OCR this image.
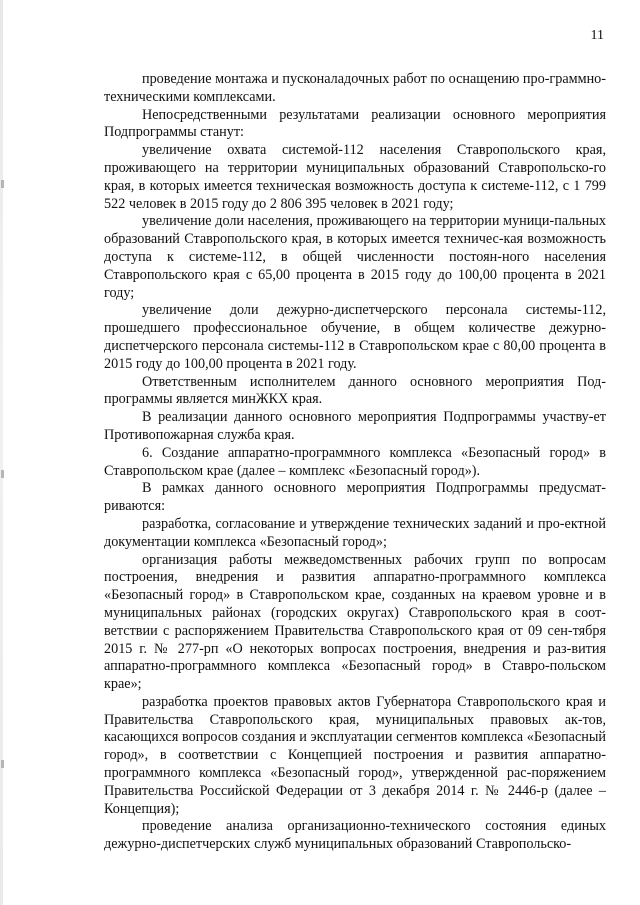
11

проведение монтажа и пусконаладочных работ по оснащению про-граммно-техническими комплексами.

Непосредственными результатами реализации основного мероприятия Подпрограммы станут:

увеличение охвата системой-112 населения Ставропольского края, проживающего на территории муниципальных образований Ставропольско-го края, в которых имеется техническая возможность доступа к системе-112, с 1 799 522 человек в 2015 году до 2 806 395 человек в 2021 году;

увеличение доли населения, проживающего на территории муници-пальных образований Ставропольского края, в которых имеется техничес-кая возможность доступа к системе-112, в общей численности постоян-ного населения Ставропольского края с 65,00 процента в 2015 году до 100,00 процента в 2021 году;

увеличение доли дежурно-диспетчерского персонала системы-112, прошедшего профессиональное обучение, в общем количестве дежурно-диспетчерского персонала системы-112 в Ставропольском крае с 80,00 процента в 2015 году до 100,00 процента в 2021 году.

Ответственным исполнителем данного основного мероприятия Под-программы является минЖКХ края.

В реализации данного основного мероприятия Подпрограммы участву-ет Противопожарная служба края.

6. Создание аппаратно-программного комплекса «Безопасный город» в Ставропольском крае (далее – комплекс «Безопасный город»).

В рамках данного основного мероприятия Подпрограммы предусмат-риваются:

разработка, согласование и утверждение технических заданий и про-ектной документации комплекса «Безопасный город»;

организация работы межведомственных рабочих групп по вопросам построения, внедрения и развития аппаратно-программного комплекса «Безопасный город» в Ставропольском крае, созданных на краевом уровне и в муниципальных районах (городских округах) Ставропольского края в соот-ветствии с распоряжением Правительства Ставропольского края от 09 сен-тября 2015 г. № 277-рп «О некоторых вопросах построения, внедрения и раз-вития аппаратно-программного комплекса «Безопасный город» в Ставро-польском крае»;

разработка проектов правовых актов Губернатора Ставропольского края и Правительства Ставропольского края, муниципальных правовых ак-тов, касающихся вопросов создания и эксплуатации сегментов комплекса «Безопасный город», в соответствии с Концепцией построения и развития аппаратно-программного комплекса «Безопасный город», утвержденной рас-поряжением Правительства Российской Федерации от 3 декабря 2014 г. № 2446-р (далее – Концепция);

проведение анализа организационно-технического состояния единых дежурно-диспетчерских служб муниципальных образований Ставропольско-
